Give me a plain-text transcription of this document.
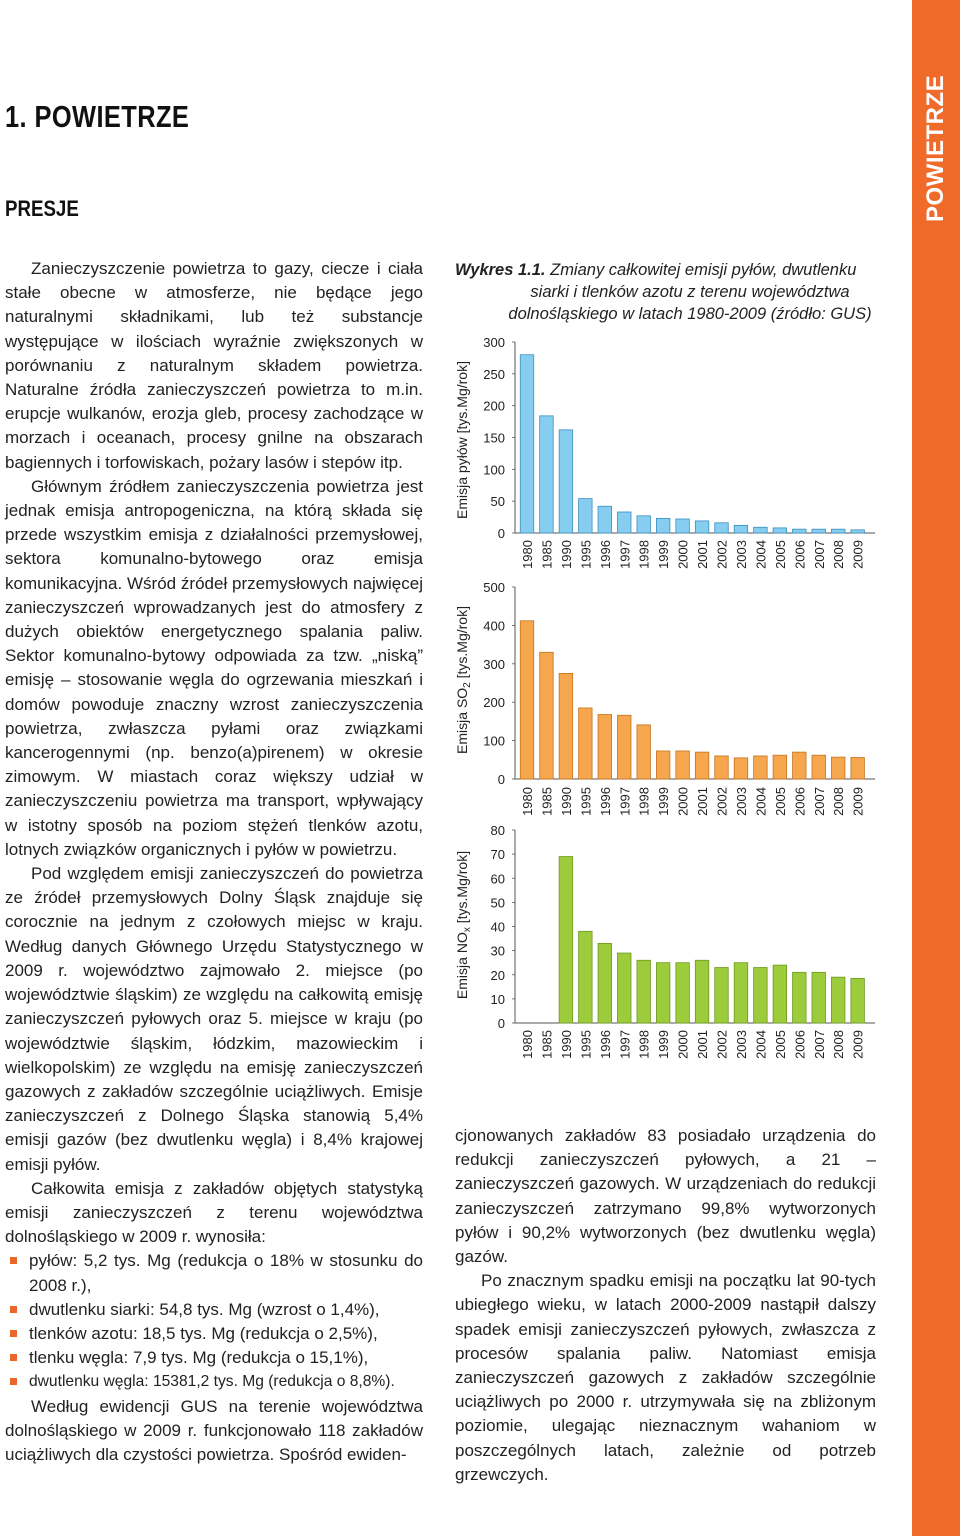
POWIETRZE
1. POWIETRZE
PRESJE

Zanieczyszczenie powietrza to gazy, ciecze i ciała stałe obecne w atmosferze, nie będące jego naturalnymi składnikami, lub też substancje występujące w ilościach wyraźnie zwiększonych w porównaniu z naturalnym składem powietrza. Naturalne źródła zanieczyszczeń powietrza to m.in. erupcje wulkanów, erozja gleb, procesy zachodzące w morzach i oceanach, procesy gnilne na obszarach bagiennych i torfowiskach, pożary lasów i stepów itp.

Głównym źródłem zanieczyszczenia powietrza jest jednak emisja antropogeniczna, na którą składa się przede wszystkim emisja z działalności przemysłowej, sektora komunalno-bytowego oraz emisja komunikacyjna. Wśród źródeł przemysłowych najwięcej zanieczyszczeń wprowadzanych jest do atmosfery z dużych obiektów energetycznego spalania paliw. Sektor komunalno-bytowy odpowiada za tzw. „niską” emisję – stosowanie węgla do ogrzewania mieszkań i domów powoduje znaczny wzrost zanieczyszczenia powietrza, zwłaszcza pyłami oraz związkami kancerogennymi (np. benzo(a)pirenem) w okresie zimowym. W miastach coraz większy udział w zanieczyszczeniu powietrza ma transport, wpływający w istotny sposób na poziom stężeń tlenków azotu, lotnych związków organicznych i pyłów w powietrzu.

Pod względem emisji zanieczyszczeń do powietrza ze źródeł przemysłowych Dolny Śląsk znajduje się corocznie na jednym z czołowych miejsc w kraju. Według danych Głównego Urzędu Statystycznego w 2009 r. województwo zajmowało 2. miejsce (po województwie śląskim) ze względu na całkowitą emisję zanieczyszczeń pyłowych oraz 5. miejsce w kraju (po województwie śląskim, łódzkim, mazowieckim i wielkopolskim) ze względu na emisję zanieczyszczeń gazowych z zakładów szczególnie uciążliwych. Emisje zanieczyszczeń z Dolnego Śląska stanowią 5,4% emisji gazów (bez dwutlenku węgla) i 8,4% krajowej emisji pyłów.

Całkowita emisja z zakładów objętych statystyką emisji zanieczyszczeń z terenu województwa dolnośląskiego w 2009 r. wynosiła:

pyłów: 5,2 tys. Mg (redukcja o 18% w stosunku do 2008 r.),
dwutlenku siarki: 54,8 tys. Mg (wzrost o 1,4%),
tlenków azotu: 18,5 tys. Mg (redukcja o 2,5%),
tlenku węgla: 7,9 tys. Mg (redukcja o 15,1%),
dwutlenku węgla: 15381,2 tys. Mg (redukcja o 8,8%).

Według ewidencji GUS na terenie województwa dolnośląskiego w 2009 r. funkcjonowało 118 zakładów uciążliwych dla czystości powietrza. Spośród ewiden-

Wykres 1.1. Zmiany całkowitej emisji pyłów, dwutlenku
siarki i tlenków azotu z terenu województwa dolnośląskiego w latach 1980-2009 (źródło: GUS)
0
50
100
150
200
250
300
Emisja pyłów [tys.Mg/rok]
1980 1985 1990 1995 1996 1997 1998 1999 2000 2001 2002 2003 2004 2005 2006 2007 2008 2009
0
100
200
300
400
500
Emisja $SO_2$ [tys.Mg/rok]
1980 1985 1990 1995 1996 1997 1998 1999 2000 2001 2002 2003 2004 2005 2006 2007 2008 2009
0
10
20
30
40
50
60
70
80
Emisja $NO_x$ [tys.Mg/rok]
1980 1985 1990 1995 1996 1997 1998 1999 2000 2001 2002 2003 2004 2005 2006 2007 2008 2009

cjonowanych zakładów 83 posiadało urządzenia do redukcji zanieczyszczeń pyłowych, a 21 – zanieczyszczeń gazowych. W urządzeniach do redukcji zanieczyszczeń zatrzymano 99,8% wytworzonych pyłów i 90,2% wytworzonych (bez dwutlenku węgla) gazów.

Po znacznym spadku emisji na początku lat 90-tych ubiegłego wieku, w latach 2000-2009 nastąpił dalszy spadek emisji zanieczyszczeń pyłowych, zwłaszcza z procesów spalania paliw. Natomiast emisja zanieczyszczeń gazowych z zakładów szczególnie uciążliwych po 2000 r. utrzymywała się na zbliżonym poziomie, ulegając nieznacznym wahaniom w poszczególnych latach, zależnie od potrzeb grzewczych.
